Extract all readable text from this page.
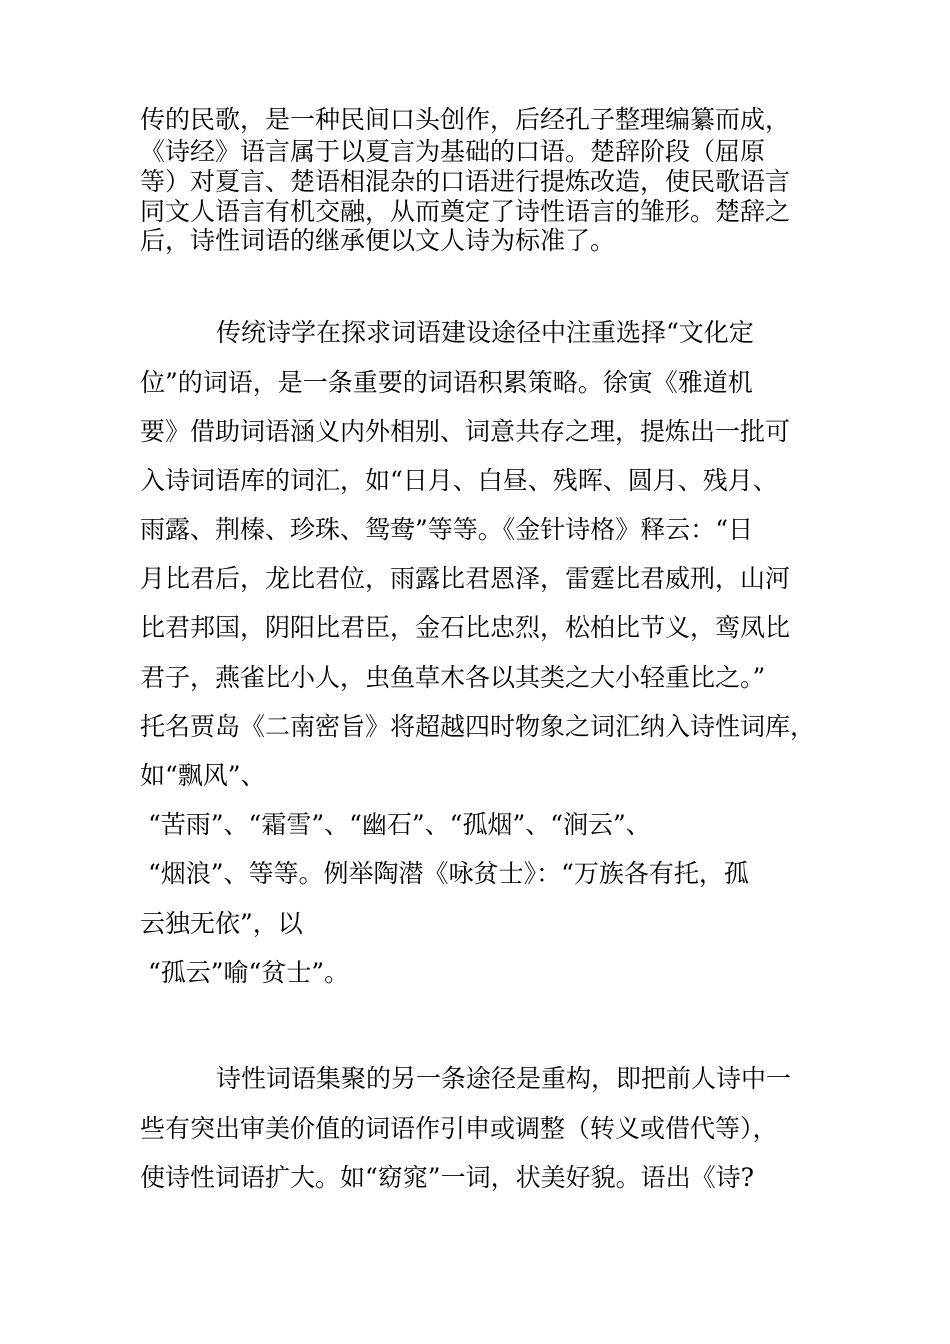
传的民歌，是一种民间口头创作，后经孔子整理编纂而成，
《诗经》语言属于以夏言为基础的口语。楚辞阶段（屈原
等）对夏言、楚语相混杂的口语进行提炼改造，使民歌语言
同文人语言有机交融，从而奠定了诗性语言的雏形。楚辞之
后，诗性词语的继承便以文人诗为标准了。
传统诗学在探求词语建设途径中注重选择“文化定
位”的词语，是一条重要的词语积累策略。徐寅《雅道机
要》借助词语涵义内外相别、词意共存之理，提炼出一批可
入诗词语库的词汇，如“日月、白昼、残晖、圆月、残月、
雨露、荆榛、珍珠、鸳鸯”等等。《金针诗格》释云：“日
月比君后，龙比君位，雨露比君恩泽，雷霆比君威刑，山河
比君邦国，阴阳比君臣，金石比忠烈，松柏比节义，鸾凤比
君子，燕雀比小人，虫鱼草木各以其类之大小轻重比之。”
托名贾岛《二南密旨》将超越四时物象之词汇纳入诗性词库，
如“飘风”、
“苦雨”、“霜雪”、“幽石”、“孤烟”、“涧云”、
“烟浪”、等等。例举陶潜《咏贫士》：“万族各有托，孤
云独无依”，以
“孤云”喻“贫士”。
诗性词语集聚的另一条途径是重构，即把前人诗中一
些有突出审美价值的词语作引申或调整（转义或借代等），
使诗性词语扩大。如“窈窕”一词，状美好貌。语出《诗?
